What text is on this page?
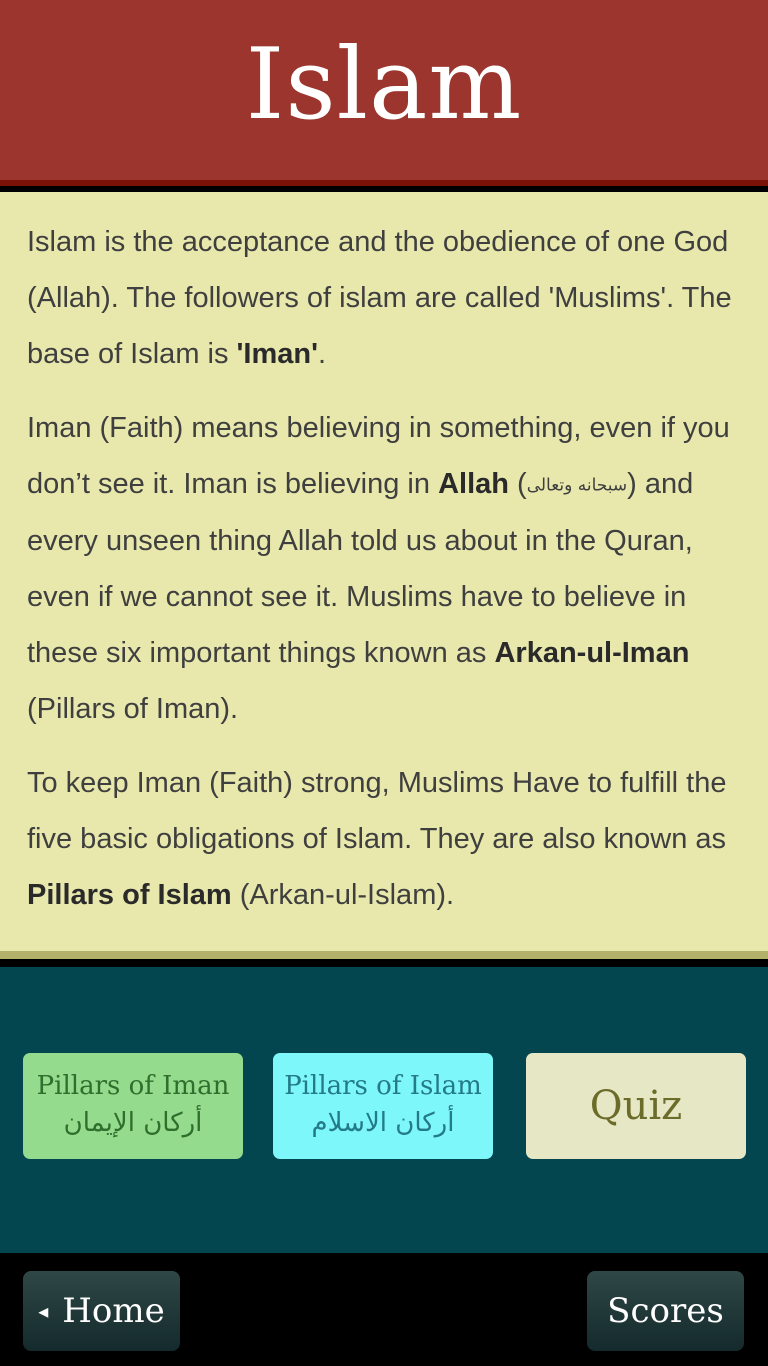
Islam

Islam is the acceptance and the obedience of one God (Allah). The followers of islam are called 'Muslims'. The base of Islam is 'Iman'.

Iman (Faith) means believing in something, even if you don’t see it. Iman is believing in Allah (سبحانه وتعالى) and every unseen thing Allah told us about in the Quran, even if we cannot see it. Muslims have to believe in these six important things known as Arkan-ul-Iman (Pillars of Iman).

To keep Iman (Faith) strong, Muslims Have to fulfill the five basic obligations of Islam. They are also known as Pillars of Islam (Arkan-ul-Islam).

Pillars of Iman
أركان الإيمان
Pillars of Islam
أركان الاسلام	Quiz
◂ Home	Scores
